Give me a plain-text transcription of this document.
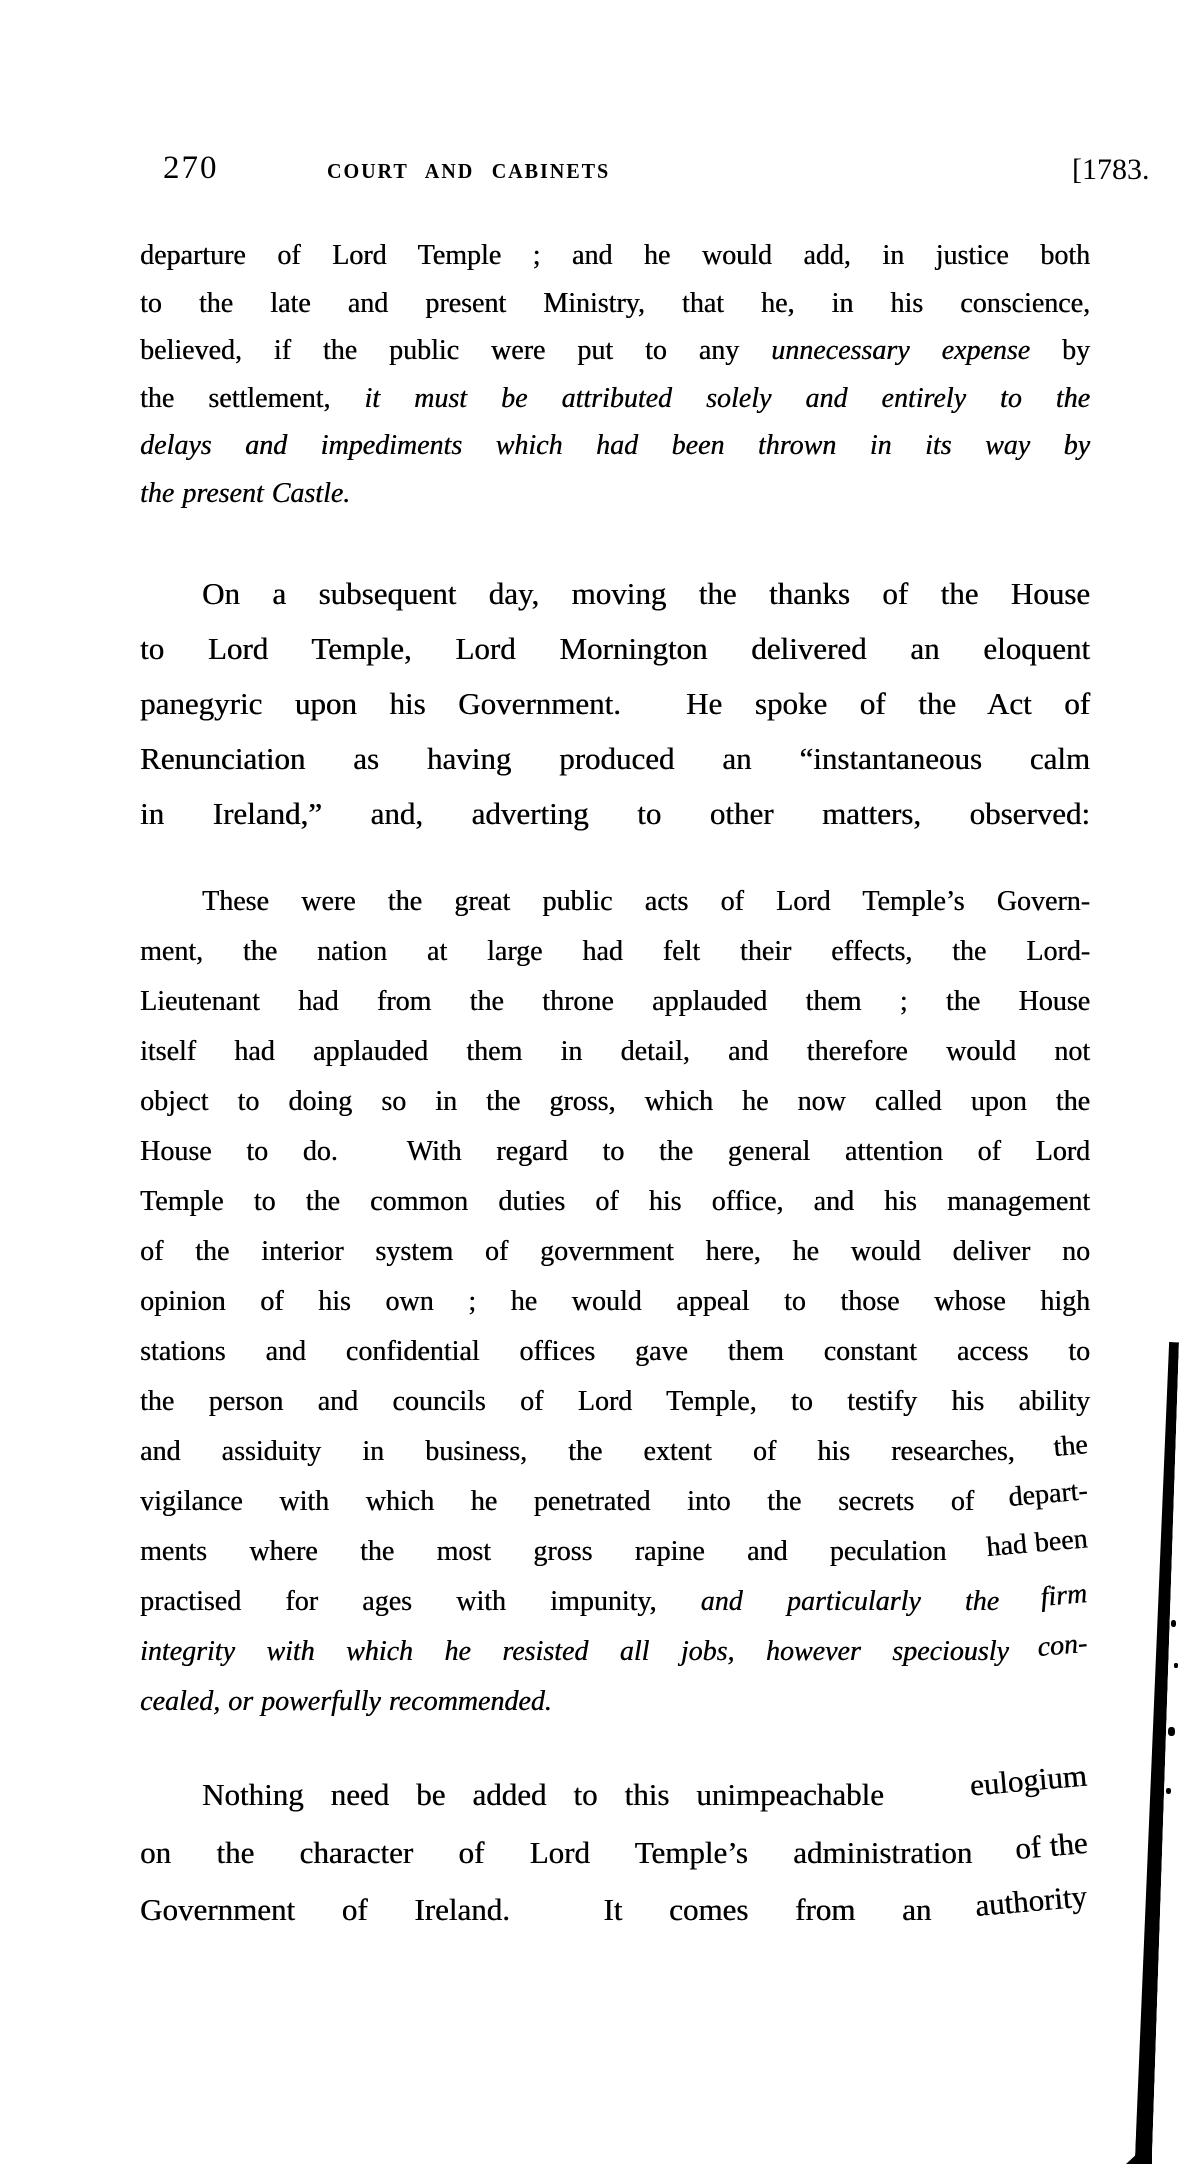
270	COURT AND CABINETS	[1783.
departure of Lord Temple ; and he would add, in justice both
to the late and present Ministry, that he, in his conscience,
believed, if the public were put to any unnecessary expense by
the settlement, it must be attributed solely and entirely to the
delays and impediments which had been thrown in its way by
the present Castle.
On a subsequent day, moving the thanks of the House
to Lord Temple, Lord Mornington delivered an eloquent
panegyric upon his Government.  He spoke of the Act of
Renunciation as having produced an “instantaneous calm
in Ireland,” and, adverting to other matters, observed:
These were the great public acts of Lord Temple’s Govern-
ment, the nation at large had felt their effects, the Lord-
Lieutenant had from the throne applauded them ; the House
itself had applauded them in detail, and therefore would not
object to doing so in the gross, which he now called upon the
House to do.  With regard to the general attention of Lord
Temple to the common duties of his office, and his management
of the interior system of government here, he would deliver no
opinion of his own ; he would appeal to those whose high
stations and confidential offices gave them constant access to
the person and councils of Lord Temple, to testify his ability
and assiduity in business, the extent of his researches, the
vigilance with which he penetrated into the secrets of depart-
ments where the most gross rapine and peculation had been
practised for ages with impunity, and particularly the firm
integrity with which he resisted all jobs, however speciously con-
cealed, or powerfully recommended.
Nothing need be added to this unimpeachable eulogium
on the character of Lord Temple’s administration of the
Government of Ireland.  It comes from an authority
